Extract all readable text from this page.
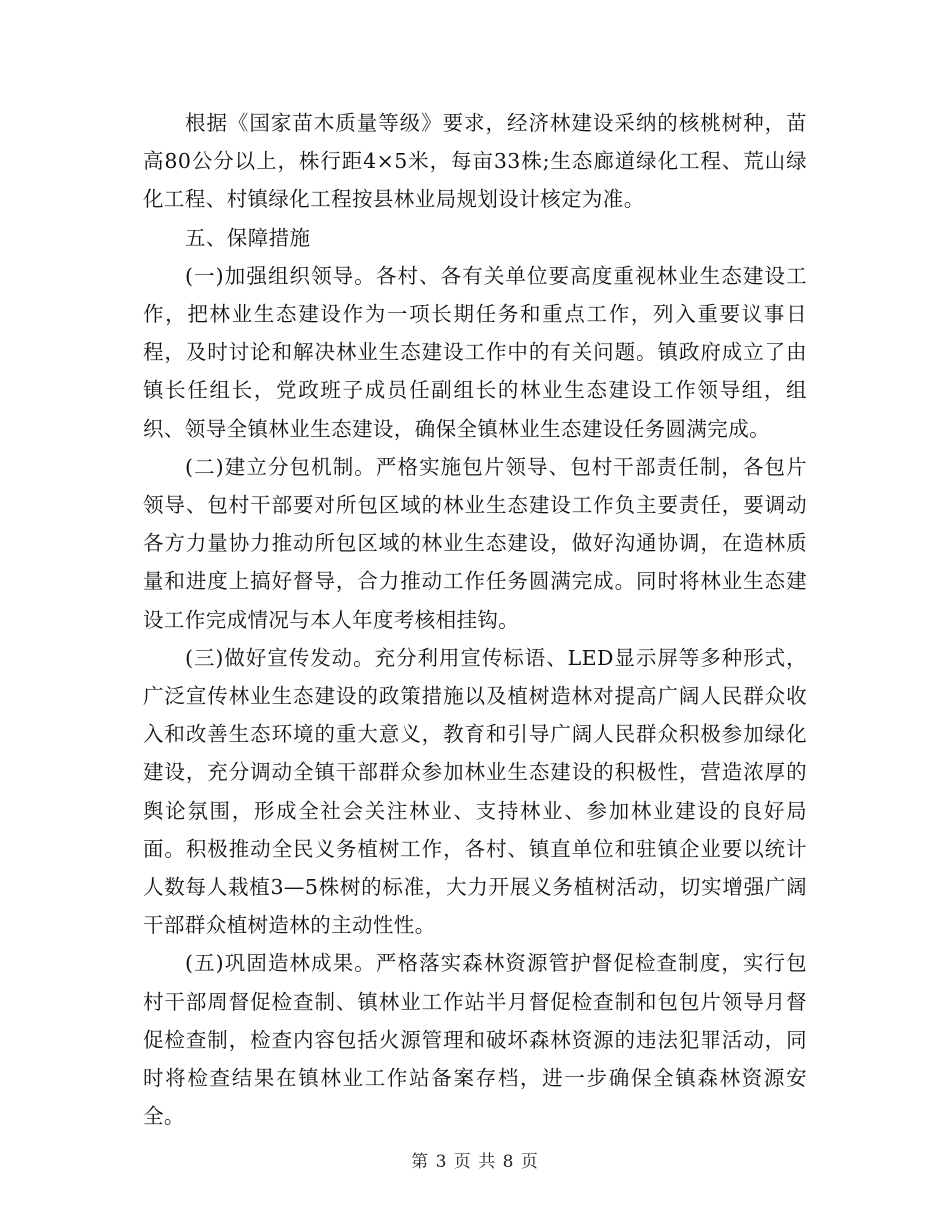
根据《国家苗木质量等级》要求，经济林建设采纳的核桃树种，苗高80公分以上，株行距4×5米，每亩33株;生态廊道绿化工程、荒山绿化工程、村镇绿化工程按县林业局规划设计核定为准。

五、保障措施

(一)加强组织领导。各村、各有关单位要高度重视林业生态建设工作，把林业生态建设作为一项长期任务和重点工作，列入重要议事日程，及时讨论和解决林业生态建设工作中的有关问题。镇政府成立了由镇长任组长，党政班子成员任副组长的林业生态建设工作领导组，组织、领导全镇林业生态建设，确保全镇林业生态建设任务圆满完成。

(二)建立分包机制。严格实施包片领导、包村干部责任制，各包片领导、包村干部要对所包区域的林业生态建设工作负主要责任，要调动各方力量协力推动所包区域的林业生态建设，做好沟通协调，在造林质量和进度上搞好督导，合力推动工作任务圆满完成。同时将林业生态建设工作完成情况与本人年度考核相挂钩。

(三)做好宣传发动。充分利用宣传标语、LED显示屏等多种形式，广泛宣传林业生态建设的政策措施以及植树造林对提高广阔人民群众收入和改善生态环境的重大意义，教育和引导广阔人民群众积极参加绿化建设，充分调动全镇干部群众参加林业生态建设的积极性，营造浓厚的舆论氛围，形成全社会关注林业、支持林业、参加林业建设的良好局面。积极推动全民义务植树工作，各村、镇直单位和驻镇企业要以统计人数每人栽植3—5株树的标准，大力开展义务植树活动，切实增强广阔干部群众植树造林的主动性性。

(五)巩固造林成果。严格落实森林资源管护督促检查制度，实行包村干部周督促检查制、镇林业工作站半月督促检查制和包包片领导月督促检查制，检查内容包括火源管理和破坏森林资源的违法犯罪活动，同时将检查结果在镇林业工作站备案存档，进一步确保全镇森林资源安全。

第 3 页 共 8 页
